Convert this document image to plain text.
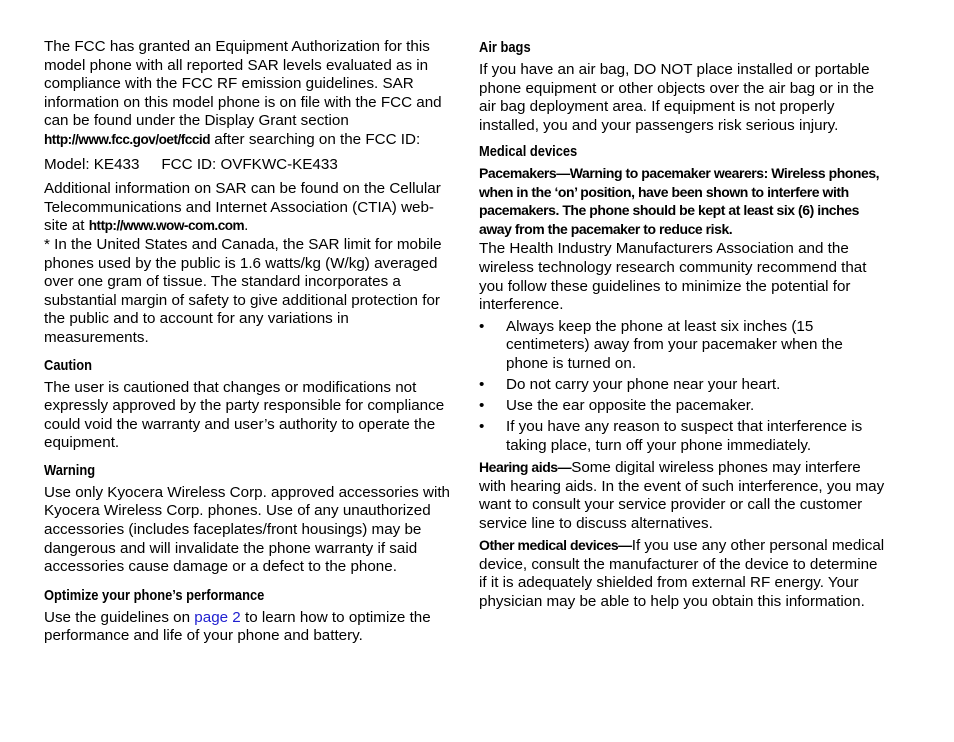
The FCC has granted an Equipment Authorization for this model phone with all reported SAR levels evaluated as in compliance with the FCC RF emission guidelines. SAR information on this model phone is on file with the FCC and can be found under the Display Grant section http://www.fcc.gov/oet/fccid after searching on the FCC ID:

Model: KE433 FCC ID: OVFKWC-KE433

Additional information on SAR can be found on the Cellular Telecommunications and Internet Association (CTIA) web-site at http://www.wow-com.com.

* In the United States and Canada, the SAR limit for mobile phones used by the public is 1.6 watts/kg (W/kg) averaged over one gram of tissue. The standard incorporates a substantial margin of safety to give additional protection for the public and to account for any variations in measurements.

Caution

The user is cautioned that changes or modifications not expressly approved by the party responsible for compliance could void the warranty and user’s authority to operate the equipment.

Warning

Use only Kyocera Wireless Corp. approved accessories with Kyocera Wireless Corp. phones. Use of any unauthorized accessories (includes faceplates/front housings) may be dangerous and will invalidate the phone warranty if said accessories cause damage or a defect to the phone.

Optimize your phone’s performance

Use the guidelines on page 2 to learn how to optimize the performance and life of your phone and battery.

Air bags

If you have an air bag, DO NOT place installed or portable phone equipment or other objects over the air bag or in the air bag deployment area. If equipment is not properly installed, you and your passengers risk serious injury.

Medical devices

Pacemakers—Warning to pacemaker wearers: Wireless phones, when in the ‘on’ position, have been shown to interfere with pacemakers. The phone should be kept at least six (6) inches away from the pacemaker to reduce risk.

The Health Industry Manufacturers Association and the wireless technology research community recommend that you follow these guidelines to minimize the potential for interference.

• Always keep the phone at least six inches (15 centimeters) away from your pacemaker when the phone is turned on.
• Do not carry your phone near your heart.
• Use the ear opposite the pacemaker.
• If you have any reason to suspect that interference is taking place, turn off your phone immediately.

Hearing aids—Some digital wireless phones may interfere with hearing aids. In the event of such interference, you may want to consult your service provider or call the customer service line to discuss alternatives.

Other medical devices—If you use any other personal medical device, consult the manufacturer of the device to determine if it is adequately shielded from external RF energy. Your physician may be able to help you obtain this information.
